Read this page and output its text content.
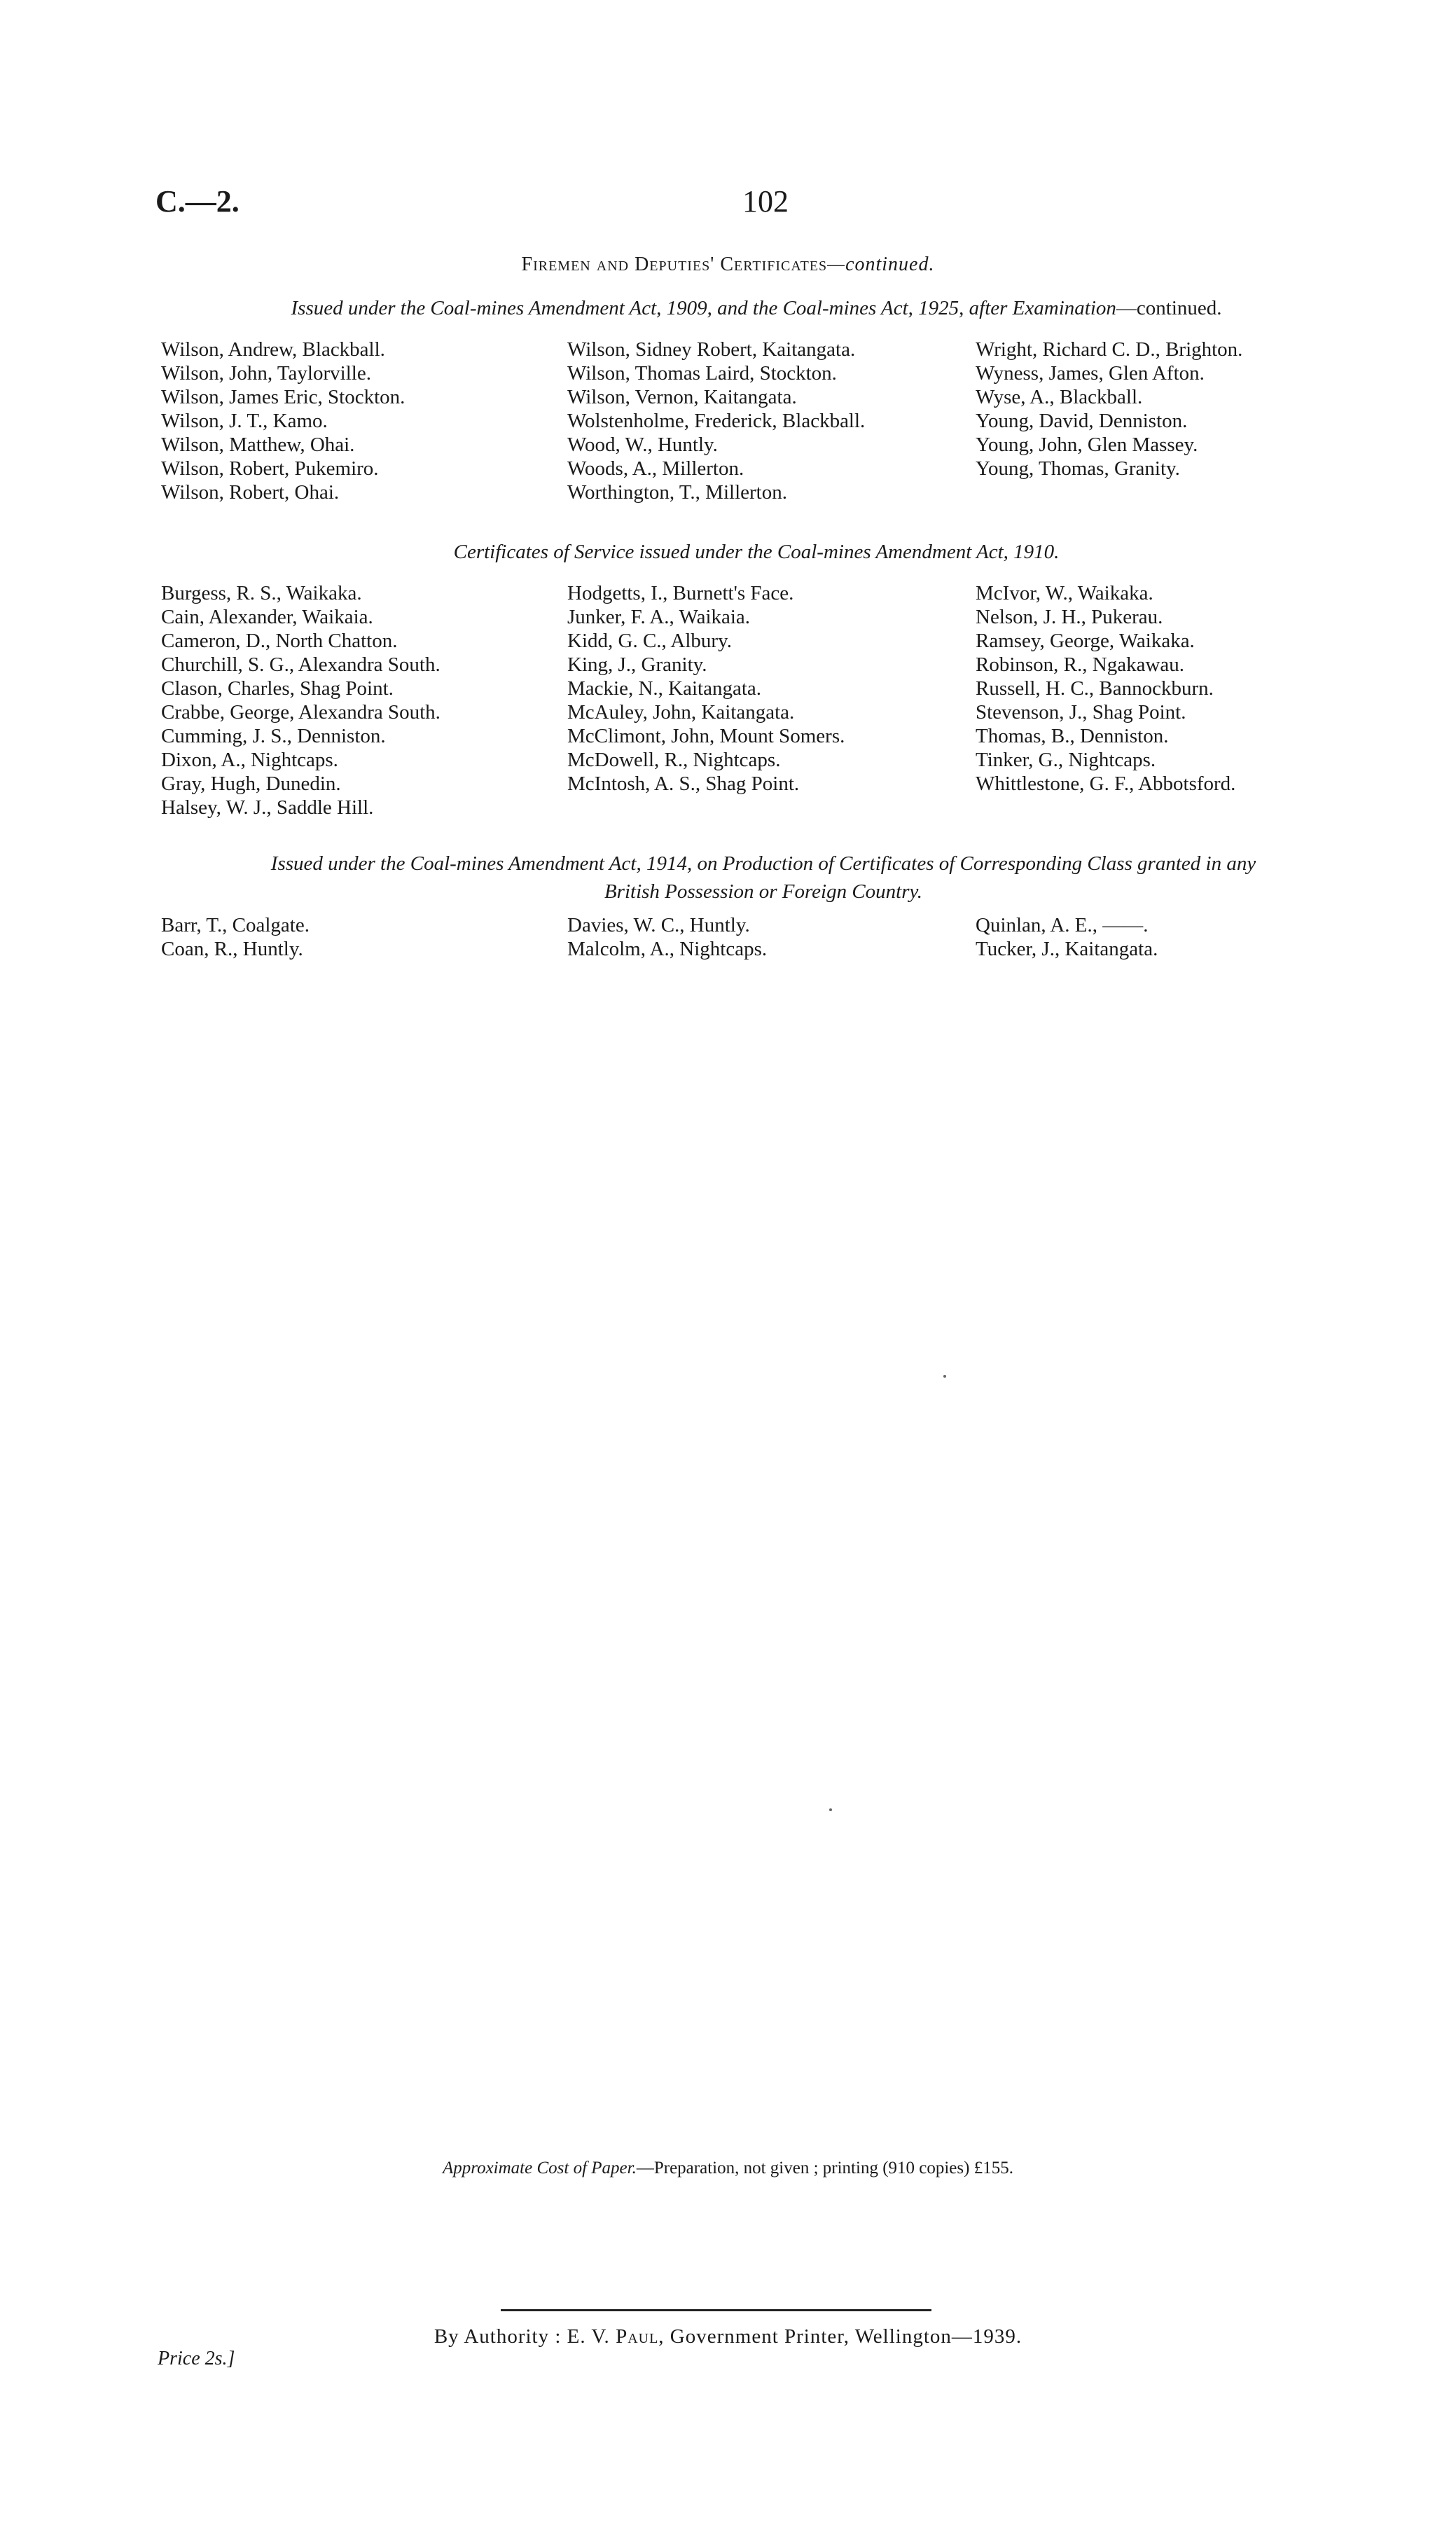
C.—2.	102
Firemen and Deputies' Certificates—continued.
Issued under the Coal-mines Amendment Act, 1909, and the Coal-mines Act, 1925, after Examination—continued.
Wilson, Andrew, Blackball.
Wilson, John, Taylorville.
Wilson, James Eric, Stockton.
Wilson, J. T., Kamo.
Wilson, Matthew, Ohai.
Wilson, Robert, Pukemiro.
Wilson, Robert, Ohai.
Wilson, Sidney Robert, Kaitangata.
Wilson, Thomas Laird, Stockton.
Wilson, Vernon, Kaitangata.
Wolstenholme, Frederick, Blackball.
Wood, W., Huntly.
Woods, A., Millerton.
Worthington, T., Millerton.
Wright, Richard C. D., Brighton.
Wyness, James, Glen Afton.
Wyse, A., Blackball.
Young, David, Denniston.
Young, John, Glen Massey.
Young, Thomas, Granity.
Certificates of Service issued under the Coal-mines Amendment Act, 1910.
Burgess, R. S., Waikaka.
Cain, Alexander, Waikaia.
Cameron, D., North Chatton.
Churchill, S. G., Alexandra South.
Clason, Charles, Shag Point.
Crabbe, George, Alexandra South.
Cumming, J. S., Denniston.
Dixon, A., Nightcaps.
Gray, Hugh, Dunedin.
Halsey, W. J., Saddle Hill.
Hodgetts, I., Burnett's Face.
Junker, F. A., Waikaia.
Kidd, G. C., Albury.
King, J., Granity.
Mackie, N., Kaitangata.
McAuley, John, Kaitangata.
McClimont, John, Mount Somers.
McDowell, R., Nightcaps.
McIntosh, A. S., Shag Point.
McIvor, W., Waikaka.
Nelson, J. H., Pukerau.
Ramsey, George, Waikaka.
Robinson, R., Ngakawau.
Russell, H. C., Bannockburn.
Stevenson, J., Shag Point.
Thomas, B., Denniston.
Tinker, G., Nightcaps.
Whittlestone, G. F., Abbotsford.
Issued under the Coal-mines Amendment Act, 1914, on Production of Certificates of Corresponding Class granted in any
British Possession or Foreign Country.
Barr, T., Coalgate.
Coan, R., Huntly.
Davies, W. C., Huntly.
Malcolm, A., Nightcaps.
Quinlan, A. E., ——.
Tucker, J., Kaitangata.
Approximate Cost of Paper.—Preparation, not given ; printing (910 copies) £155.
By Authority : E. V. Paul, Government Printer, Wellington—1939.
Price 2s.]
